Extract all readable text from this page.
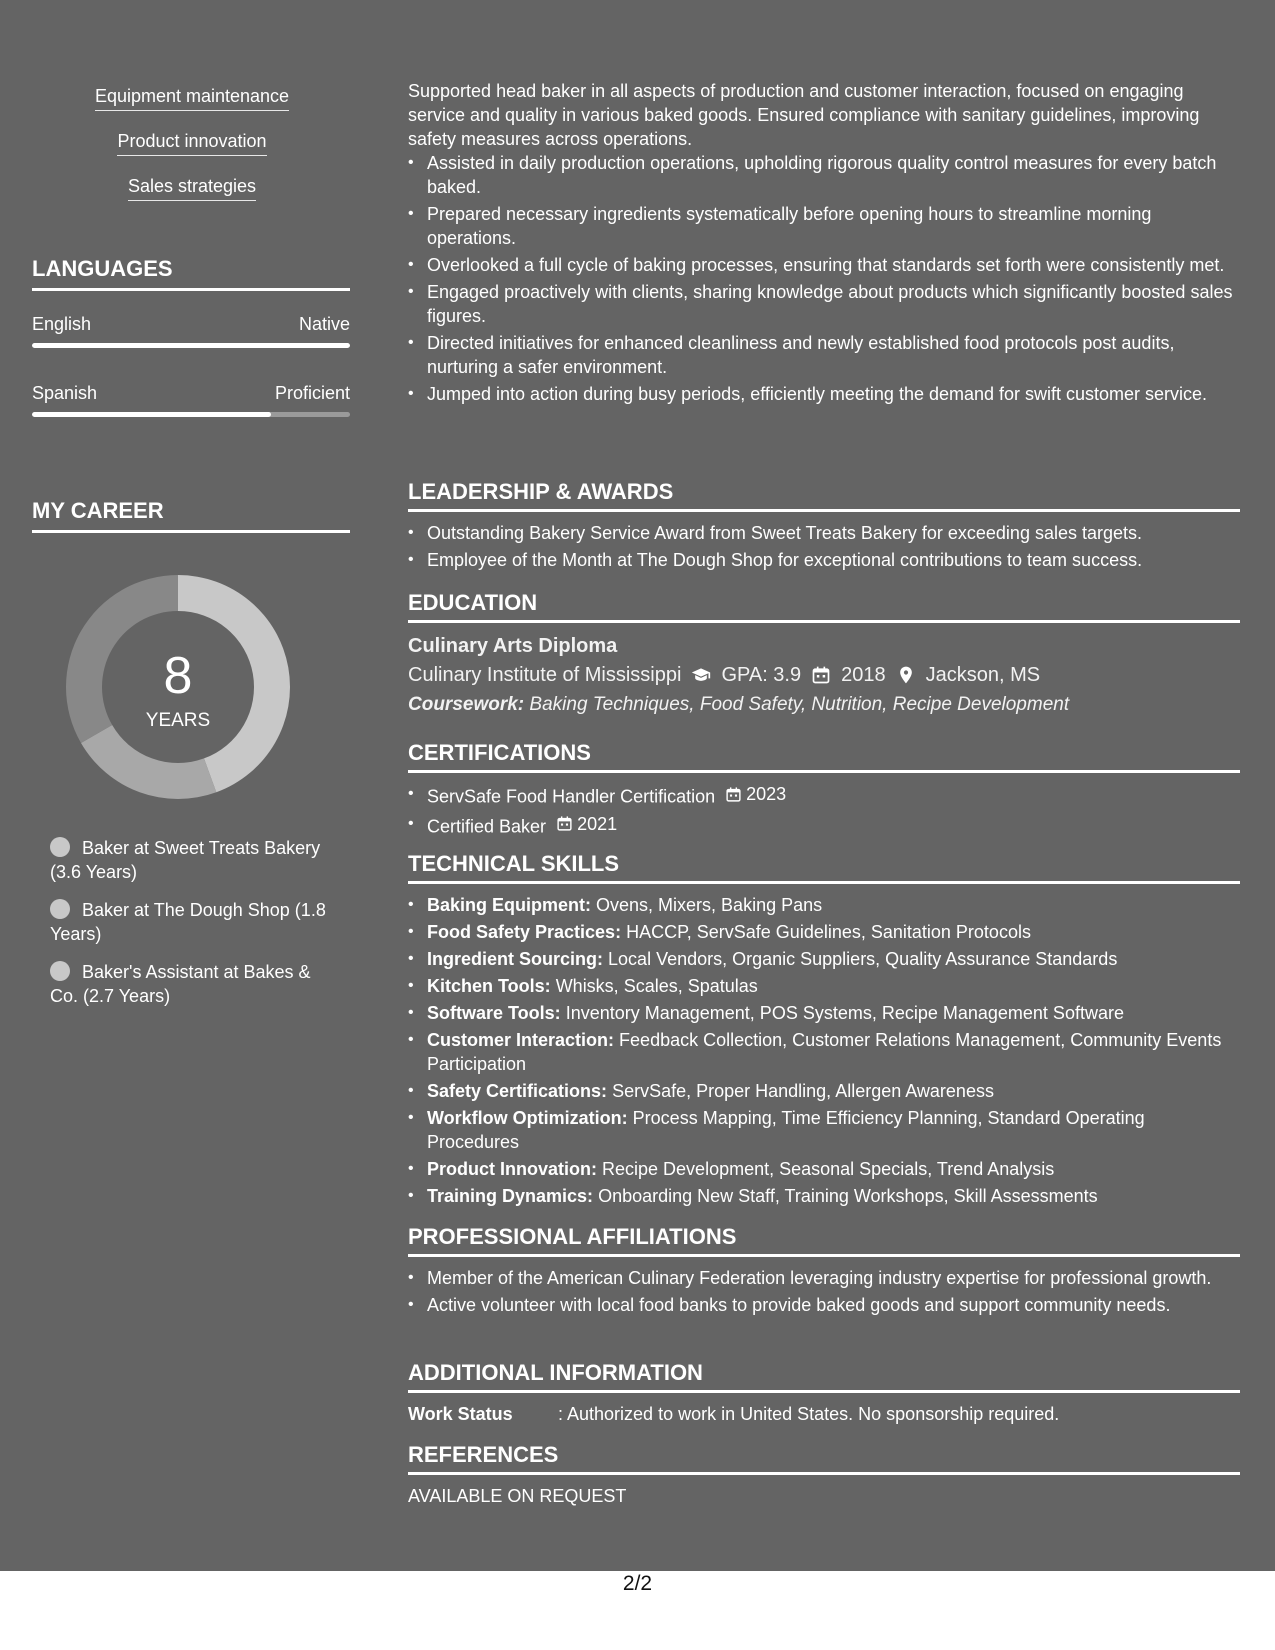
Equipment maintenance
Product innovation
Sales strategies
LANGUAGES
English	Native
Spanish	Proficient
MY CAREER
8
YEARS
Baker at Sweet Treats Bakery (3.6 Years)
Baker at The Dough Shop (1.8 Years)
Baker's Assistant at Bakes & Co. (2.7 Years)

Supported head baker in all aspects of production and customer interaction, focused on engaging service and quality in various baked goods. Ensured compliance with sanitary guidelines, improving safety measures across operations.

• Assisted in daily production operations, upholding rigorous quality control measures for every batch baked.
• Prepared necessary ingredients systematically before opening hours to streamline morning operations.
• Overlooked a full cycle of baking processes, ensuring that standards set forth were consistently met.
• Engaged proactively with clients, sharing knowledge about products which significantly boosted sales figures.
• Directed initiatives for enhanced cleanliness and newly established food protocols post audits, nurturing a safer environment.
• Jumped into action during busy periods, efficiently meeting the demand for swift customer service.
LEADERSHIP & AWARDS
• Outstanding Bakery Service Award from Sweet Treats Bakery for exceeding sales targets.
• Employee of the Month at The Dough Shop for exceptional contributions to team success.
EDUCATION
Culinary Arts Diploma
Culinary Institute of Mississippi GPA: 3.9 2018 Jackson, MS
Coursework: Baking Techniques, Food Safety, Nutrition, Recipe Development
CERTIFICATIONS
• ServSafe Food Handler Certification 2023
• Certified Baker 2021
TECHNICAL SKILLS
• Baking Equipment: Ovens, Mixers, Baking Pans
• Food Safety Practices: HACCP, ServSafe Guidelines, Sanitation Protocols
• Ingredient Sourcing: Local Vendors, Organic Suppliers, Quality Assurance Standards
• Kitchen Tools: Whisks, Scales, Spatulas
• Software Tools: Inventory Management, POS Systems, Recipe Management Software
• Customer Interaction: Feedback Collection, Customer Relations Management, Community Events Participation
• Safety Certifications: ServSafe, Proper Handling, Allergen Awareness
• Workflow Optimization: Process Mapping, Time Efficiency Planning, Standard Operating Procedures
• Product Innovation: Recipe Development, Seasonal Specials, Trend Analysis
• Training Dynamics: Onboarding New Staff, Training Workshops, Skill Assessments
PROFESSIONAL AFFILIATIONS
• Member of the American Culinary Federation leveraging industry expertise for professional growth.
• Active volunteer with local food banks to provide baked goods and support community needs.
ADDITIONAL INFORMATION
Work Status	: Authorized to work in United States. No sponsorship required.
REFERENCES
AVAILABLE ON REQUEST
2/2
